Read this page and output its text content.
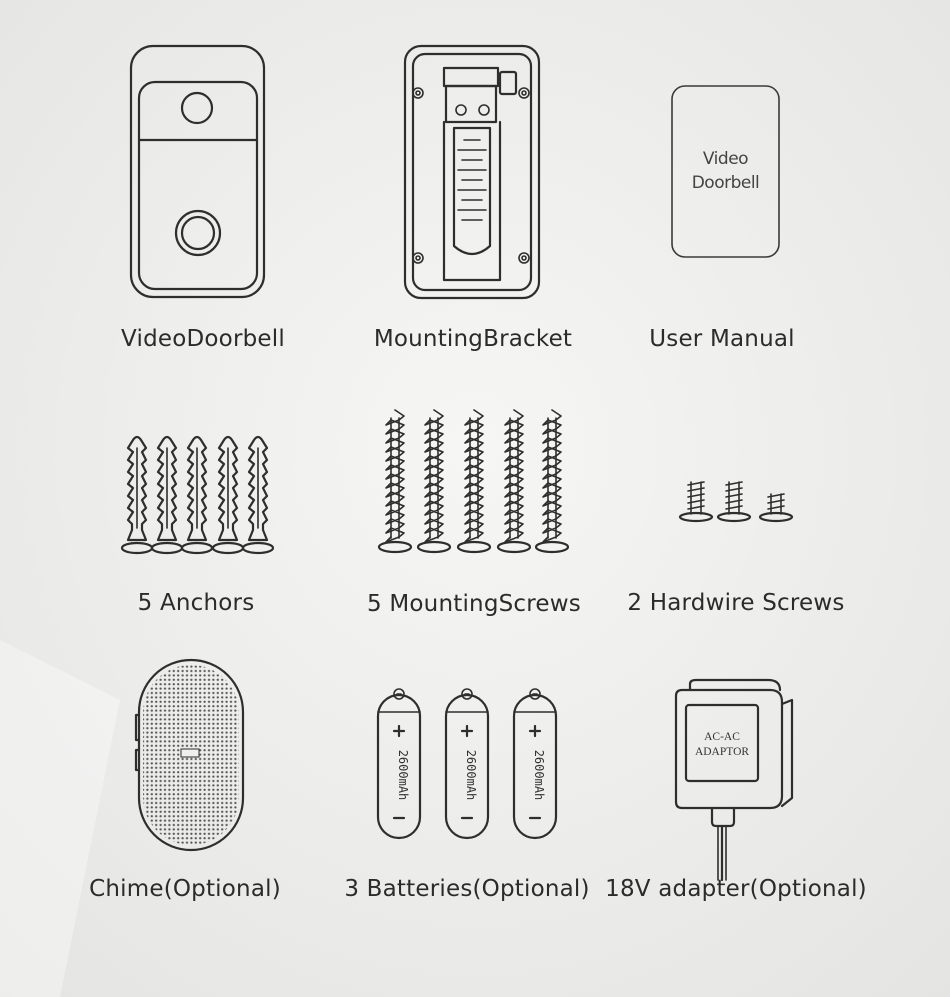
Video
Doorbell
2600mAh	2600mAh	2600mAh
AC-AC
ADAPTOR
VideoDoorbell	MountingBracket	User Manual
5 Anchors	5 MountingScrews	2 Hardwire Screws
Chime(Optional)	3 Batteries(Optional) 18V adapter(Optional)
